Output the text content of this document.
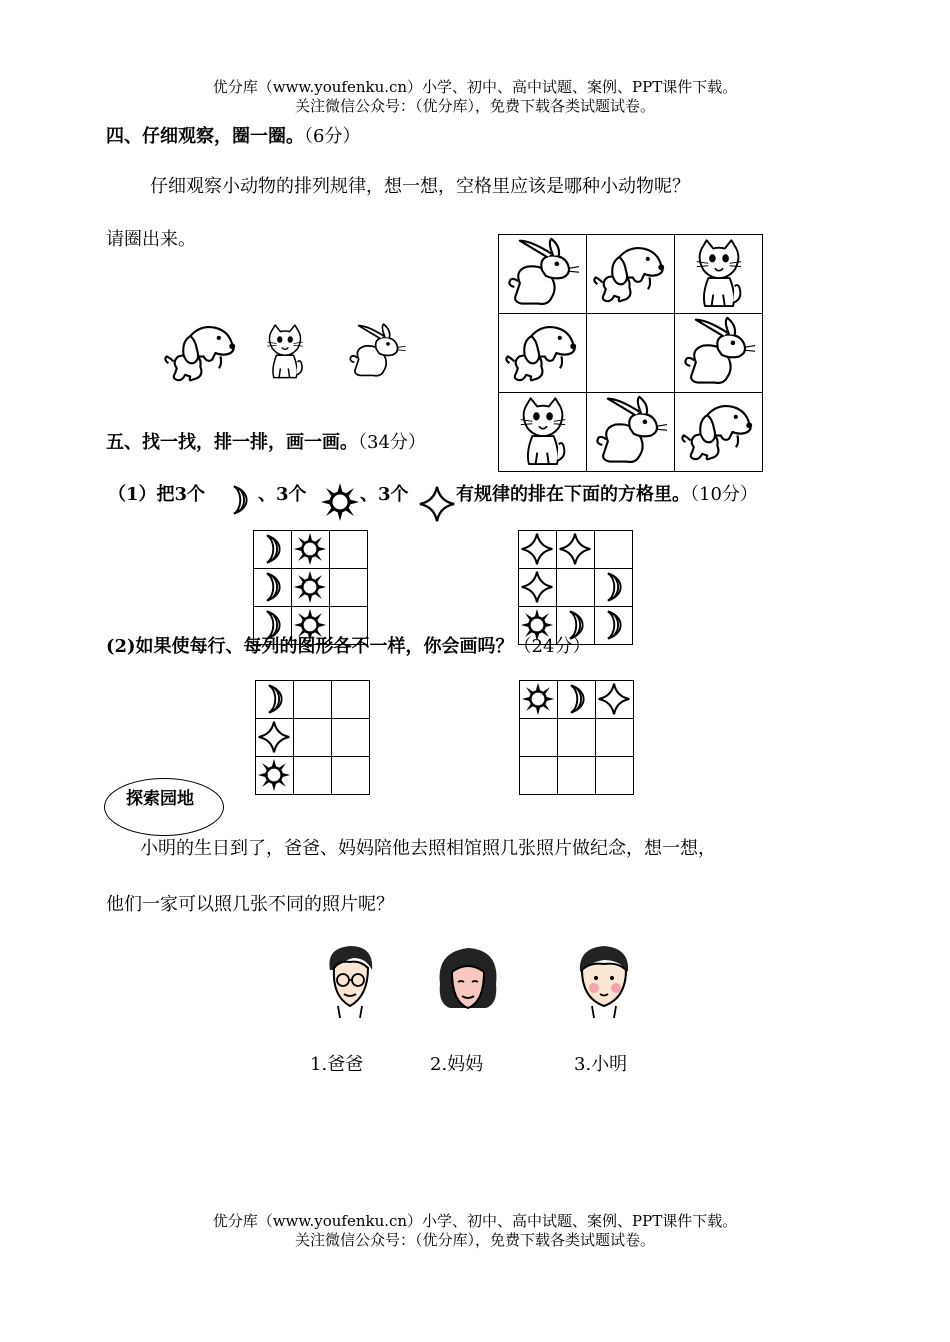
优分库（www.youfenku.cn）小学、初中、高中试题、案例、PPT课件下载。
关注微信公众号：（优分库），免费下载各类试题试卷。
四、仔细观察，圈一圈。（6分）
仔细观察小动物的排列规律，想一想，空格里应该是哪种小动物呢？
请圈出来。
五、找一找，排一排，画一画。（34分）
（1）把3个	、3个	、3个	有规律的排在下面的方格里。（10分）
(2)如果使每行、每列的图形各不一样，你会画吗？（24分）
探索园地
小明的生日到了，爸爸、妈妈陪他去照相馆照几张照片做纪念，想一想，
他们一家可以照几张不同的照片呢？
1.爸爸	2.妈妈	3.小明
优分库（www.youfenku.cn）小学、初中、高中试题、案例、PPT课件下载。
关注微信公众号：（优分库），免费下载各类试题试卷。
